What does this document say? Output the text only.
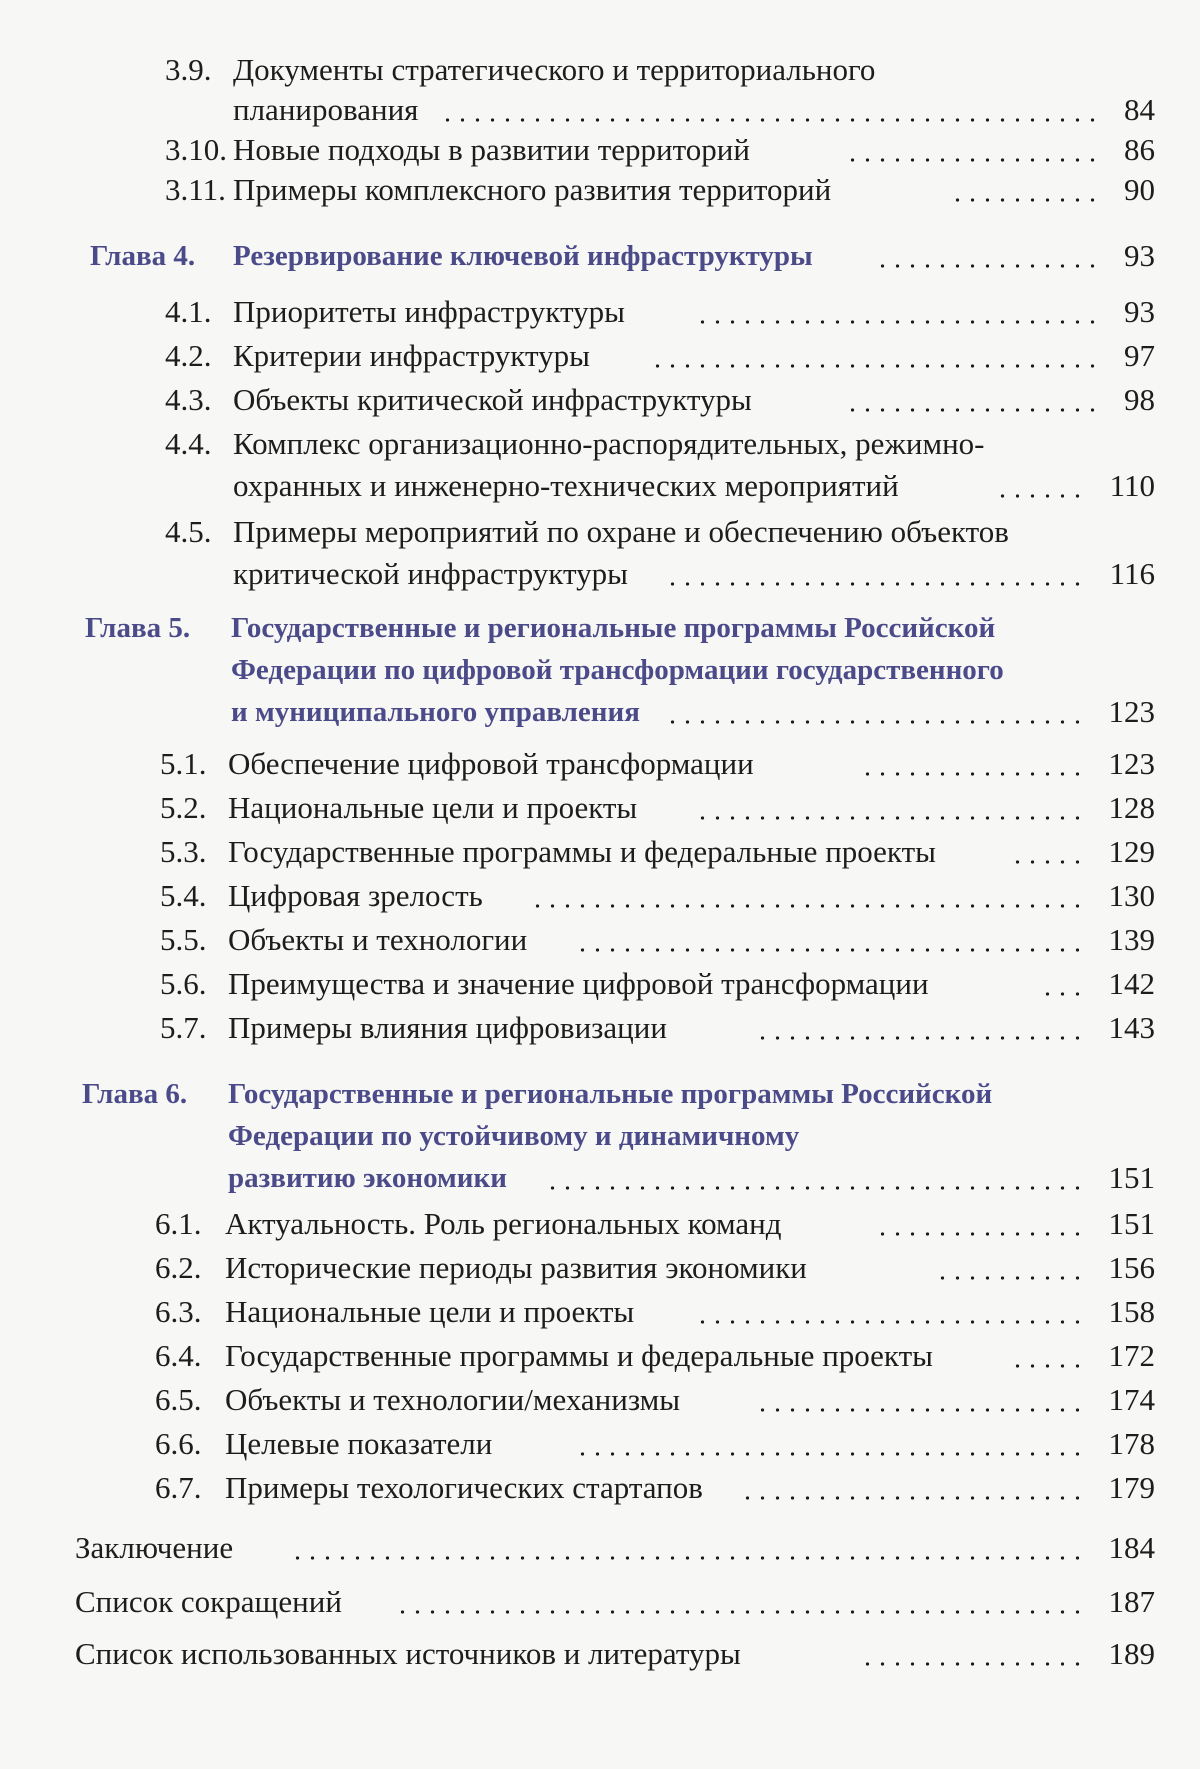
3.9. Документы стратегического и территориального
планирования	84
3.10. Новые подходы в развитии территорий	86
3.11. Примеры комплексного развития территорий	90
Глава 4. Резервирование ключевой инфраструктуры	93
4.1. Приоритеты инфраструктуры	93
4.2. Критерии инфраструктуры	97
4.3. Объекты критической инфраструктуры	98
4.4. Комплекс организационно-распорядительных, режимно-
охранных и инженерно-технических мероприятий	110
4.5. Примеры мероприятий по охране и обеспечению объектов
критической инфраструктуры	116
Глава 5. Государственные и региональные программы Российской
Федерации по цифровой трансформации государственного
и муниципального управления	123
5.1. Обеспечение цифровой трансформации	123
5.2. Национальные цели и проекты	128
5.3. Государственные программы и федеральные проекты	129
5.4. Цифровая зрелость	130
5.5. Объекты и технологии	139
5.6. Преимущества и значение цифровой трансформации	142
5.7. Примеры влияния цифровизации	143
Глава 6. Государственные и региональные программы Российской
Федерации по устойчивому и динамичному
развитию экономики	151
6.1. Актуальность. Роль региональных команд	151
6.2. Исторические периоды развития экономики	156
6.3. Национальные цели и проекты	158
6.4. Государственные программы и федеральные проекты	172
6.5. Объекты и технологии/механизмы	174
6.6. Целевые показатели	178
6.7. Примеры техологических стартапов	179
Заключение	184
Список сокращений	187
Список использованных источников и литературы	189
